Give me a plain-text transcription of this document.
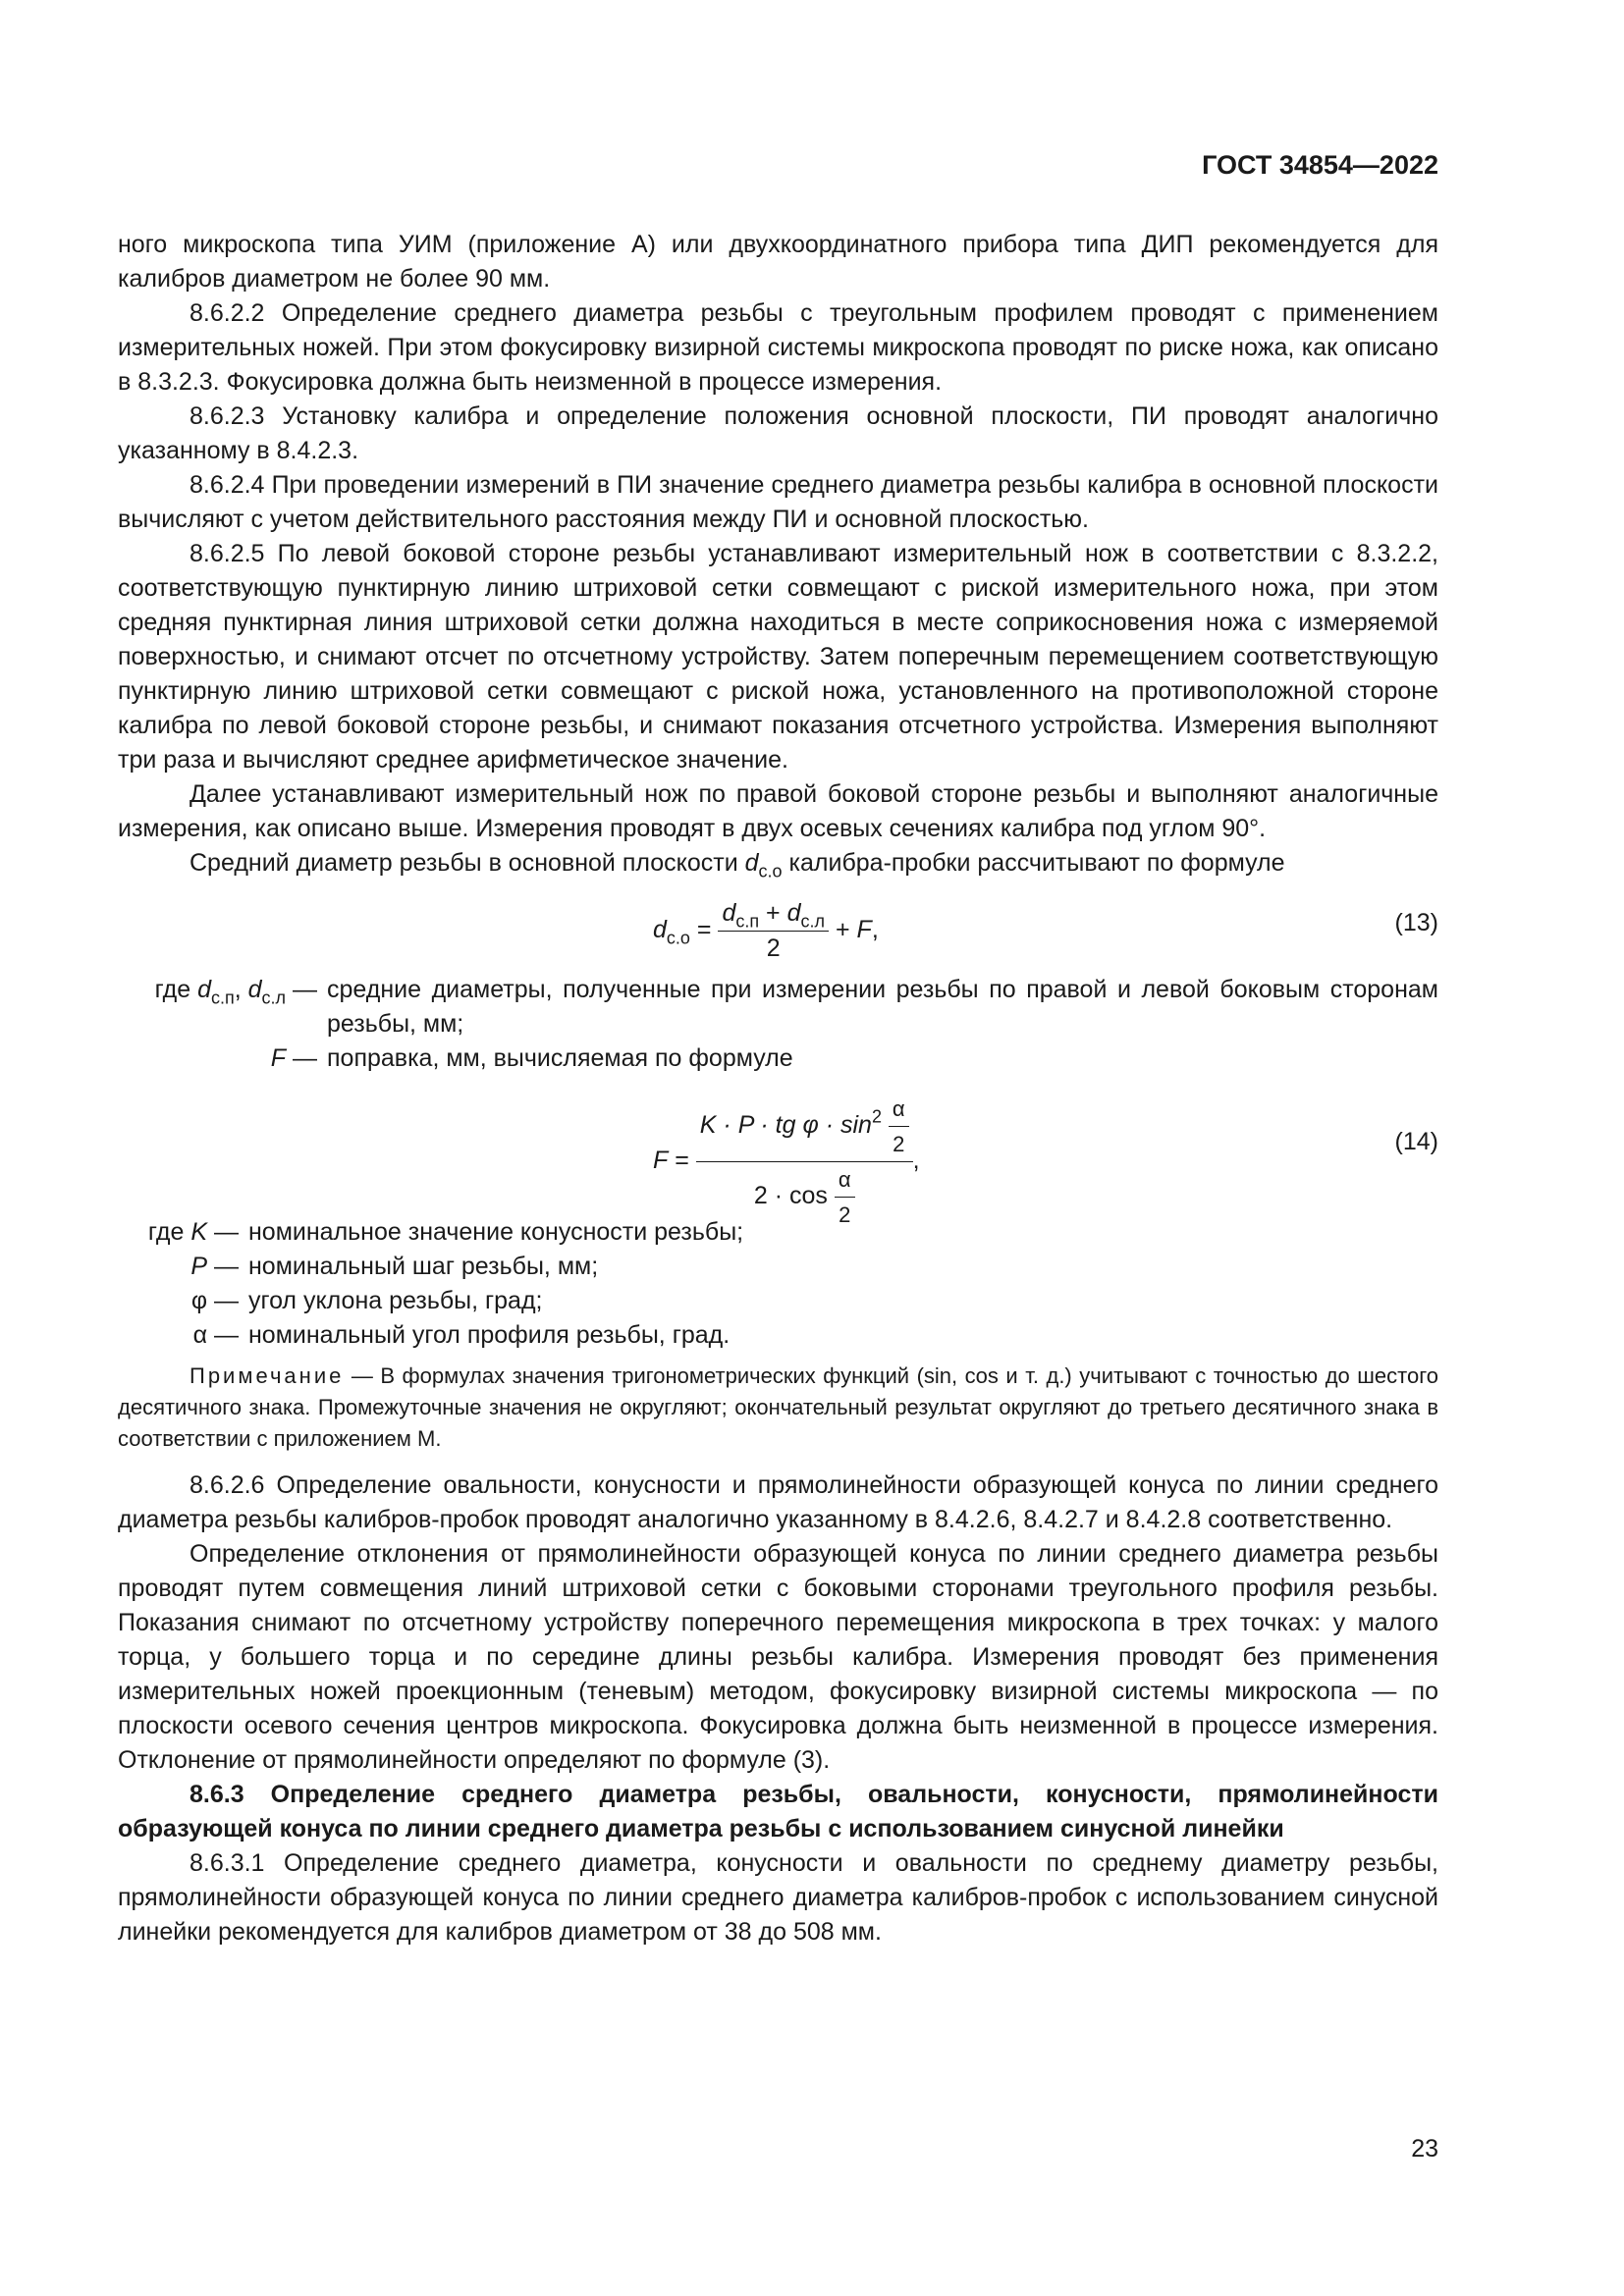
ГОСТ 34854—2022

ного микроскопа типа УИМ (приложение А) или двухкоординатного прибора типа ДИП рекомендуется для калибров диаметром не более 90 мм.

8.6.2.2 Определение среднего диаметра резьбы с треугольным профилем проводят с применением измерительных ножей. При этом фокусировку визирной системы микроскопа проводят по риске ножа, как описано в 8.3.2.3. Фокусировка должна быть неизменной в процессе измерения.

8.6.2.3 Установку калибра и определение положения основной плоскости, ПИ проводят аналогично указанному в 8.4.2.3.

8.6.2.4 При проведении измерений в ПИ значение среднего диаметра резьбы калибра в основной плоскости вычисляют с учетом действительного расстояния между ПИ и основной плоскостью.

8.6.2.5 По левой боковой стороне резьбы устанавливают измерительный нож в соответствии с 8.3.2.2, соответствующую пунктирную линию штриховой сетки совмещают с риской измерительного ножа, при этом средняя пунктирная линия штриховой сетки должна находиться в месте соприкосновения ножа с измеряемой поверхностью, и снимают отсчет по отсчетному устройству. Затем поперечным перемещением соответствующую пунктирную линию штриховой сетки совмещают с риской ножа, установленного на противоположной стороне калибра по левой боковой стороне резьбы, и снимают показания отсчетного устройства. Измерения выполняют три раза и вычисляют среднее арифметическое значение.

Далее устанавливают измерительный нож по правой боковой стороне резьбы и выполняют аналогичные измерения, как описано выше. Измерения проводят в двух осевых сечениях калибра под углом 90°.

Средний диаметр резьбы в основной плоскости $d_{с.о}$ калибра-пробки рассчитывают по формуле

$d_{с.о} = \frac{d_{с.п} + d_{с.л}}{2} + F$,	(13)
где $d_{с.п}$, $d_{с.л}$ — средние диаметры, полученные при измерении резьбы по правой и левой боковым сторонам резьбы, мм;
F — поправка, мм, вычисляемая по формуле
F =
K · P · tg $\varphi \cdot \sin^2 \frac{\alpha}{2}$
$2 \cdot \cos \frac{\alpha}{2}$
,
(14)
где K — номинальное значение конусности резьбы;
P — номинальный шаг резьбы, мм;
φ — угол уклона резьбы, град;
α — номинальный угол профиля резьбы, град.

Примечание — В формулах значения тригонометрических функций (sin, cos и т. д.) учитывают с точностью до шестого десятичного знака. Промежуточные значения не округляют; окончательный результат округляют до третьего десятичного знака в соответствии с приложением М.

8.6.2.6 Определение овальности, конусности и прямолинейности образующей конуса по линии среднего диаметра резьбы калибров-пробок проводят аналогично указанному в 8.4.2.6, 8.4.2.7 и 8.4.2.8 соответственно.

Определение отклонения от прямолинейности образующей конуса по линии среднего диаметра резьбы проводят путем совмещения линий штриховой сетки с боковыми сторонами треугольного профиля резьбы. Показания снимают по отсчетному устройству поперечного перемещения микроскопа в трех точках: у малого торца, у большего торца и по середине длины резьбы калибра. Измерения проводят без применения измерительных ножей проекционным (теневым) методом, фокусировку визирной системы микроскопа — по плоскости осевого сечения центров микроскопа. Фокусировка должна быть неизменной в процессе измерения. Отклонение от прямолинейности определяют по формуле (3).

8.6.3 Определение среднего диаметра резьбы, овальности, конусности, прямолинейности образующей конуса по линии среднего диаметра резьбы с использованием синусной линейки

8.6.3.1 Определение среднего диаметра, конусности и овальности по среднему диаметру резьбы, прямолинейности образующей конуса по линии среднего диаметра калибров-пробок с использованием синусной линейки рекомендуется для калибров диаметром от 38 до 508 мм.

23
